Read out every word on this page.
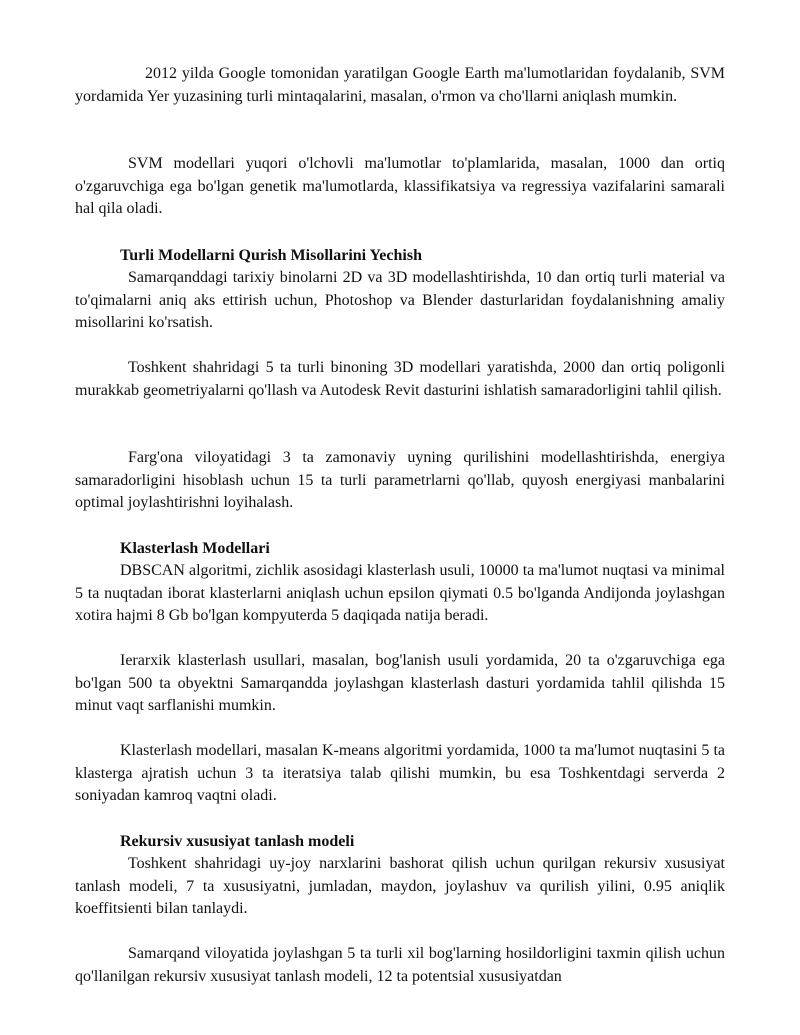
2012 yilda Google tomonidan yaratilgan Google Earth ma'lumotlaridan foydalanib, SVM yordamida Yer yuzasining turli mintaqalarini, masalan, o'rmon va cho'llarni aniqlash mumkin.

SVM modellari yuqori o'lchovli ma'lumotlar to'plamlarida, masalan, 1000 dan ortiq o'zgaruvchiga ega bo'lgan genetik ma'lumotlarda, klassifikatsiya va regressiya vazifalarini samarali hal qila oladi.

Turli Modellarni Qurish Misollarini Yechish

Samarqanddagi tarixiy binolarni 2D va 3D modellashtirishda, 10 dan ortiq turli material va to'qimalarni aniq aks ettirish uchun, Photoshop va Blender dasturlaridan foydalanishning amaliy misollarini ko'rsatish.

Toshkent shahridagi 5 ta turli binoning 3D modellari yaratishda, 2000 dan ortiq poligonli murakkab geometriyalarni qo'llash va Autodesk Revit dasturini ishlatish samaradorligini tahlil qilish.

Farg'ona viloyatidagi 3 ta zamonaviy uyning qurilishini modellashtirishda, energiya samaradorligini hisoblash uchun 15 ta turli parametrlarni qo'llab, quyosh energiyasi manbalarini optimal joylashtirishni loyihalash.

Klasterlash Modellari

DBSCAN algoritmi, zichlik asosidagi klasterlash usuli, 10000 ta ma'lumot nuqtasi va minimal 5 ta nuqtadan iborat klasterlarni aniqlash uchun epsilon qiymati 0.5 bo'lganda Andijonda joylashgan xotira hajmi 8 Gb bo'lgan kompyuterda 5 daqiqada natija beradi.

Ierarxik klasterlash usullari, masalan, bog'lanish usuli yordamida, 20 ta o'zgaruvchiga ega bo'lgan 500 ta obyektni Samarqandda joylashgan klasterlash dasturi yordamida tahlil qilishda 15 minut vaqt sarflanishi mumkin.

Klasterlash modellari, masalan K-means algoritmi yordamida, 1000 ta ma'lumot nuqtasini 5 ta klasterga ajratish uchun 3 ta iteratsiya talab qilishi mumkin, bu esa Toshkentdagi serverda 2 soniyadan kamroq vaqtni oladi.

Rekursiv xususiyat tanlash modeli

Toshkent shahridagi uy-joy narxlarini bashorat qilish uchun qurilgan rekursiv xususiyat tanlash modeli, 7 ta xususiyatni, jumladan, maydon, joylashuv va qurilish yilini, 0.95 aniqlik koeffitsienti bilan tanlaydi.

Samarqand viloyatida joylashgan 5 ta turli xil bog'larning hosildorligini taxmin qilish uchun qo'llanilgan rekursiv xususiyat tanlash modeli, 12 ta potentsial xususiyatdan
